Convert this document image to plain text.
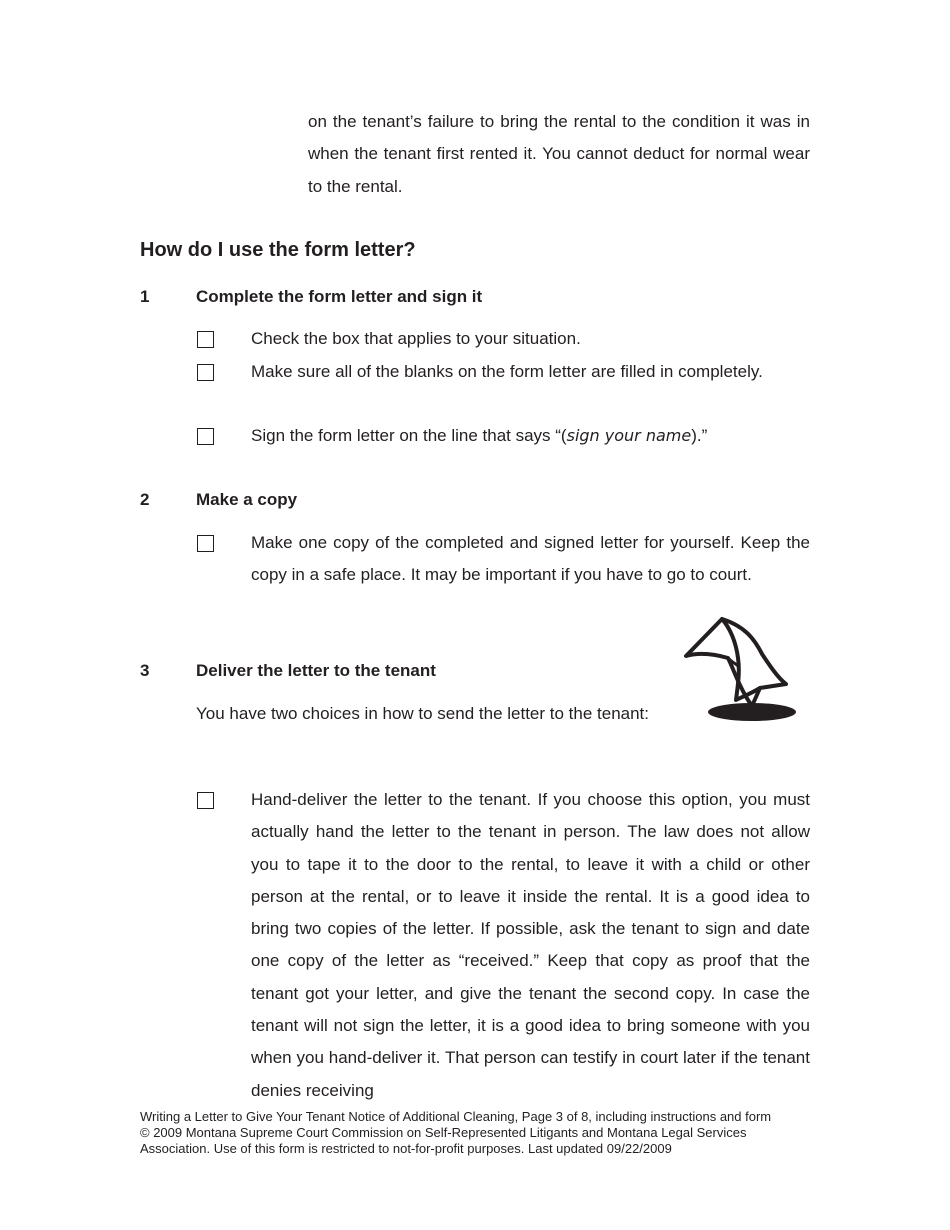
on the tenant’s failure to bring the rental to the condition it was in when the tenant first rented it. You cannot deduct for normal wear to the rental.
How do I use the form letter?
1	Complete the form letter and sign it
Check the box that applies to your situation.
Make sure all of the blanks on the form letter are filled in completely.
Sign the form letter on the line that says “(sign your name).”
2	Make a copy
Make one copy of the completed and signed letter for yourself. Keep the copy in a safe place. It may be important if you have to go to court.
3	Deliver the letter to the tenant
You have two choices in how to send the letter to the tenant:
Hand-deliver the letter to the tenant. If you choose this option, you must actually hand the letter to the tenant in person. The law does not allow you to tape it to the door to the rental, to leave it with a child or other person at the rental, or to leave it inside the rental. It is a good idea to bring two copies of the letter. If possible, ask the tenant to sign and date one copy of the letter as “received.” Keep that copy as proof that the tenant got your letter, and give the tenant the second copy. In case the tenant will not sign the letter, it is a good idea to bring someone with you when you hand-deliver it. That person can testify in court later if the tenant denies receiving
Writing a Letter to Give Your Tenant Notice of Additional Cleaning, Page 3 of 8, including instructions and form
© 2009 Montana Supreme Court Commission on Self-Represented Litigants and Montana Legal Services Association. Use of this form is restricted to not-for-profit purposes. Last updated 09/22/2009
